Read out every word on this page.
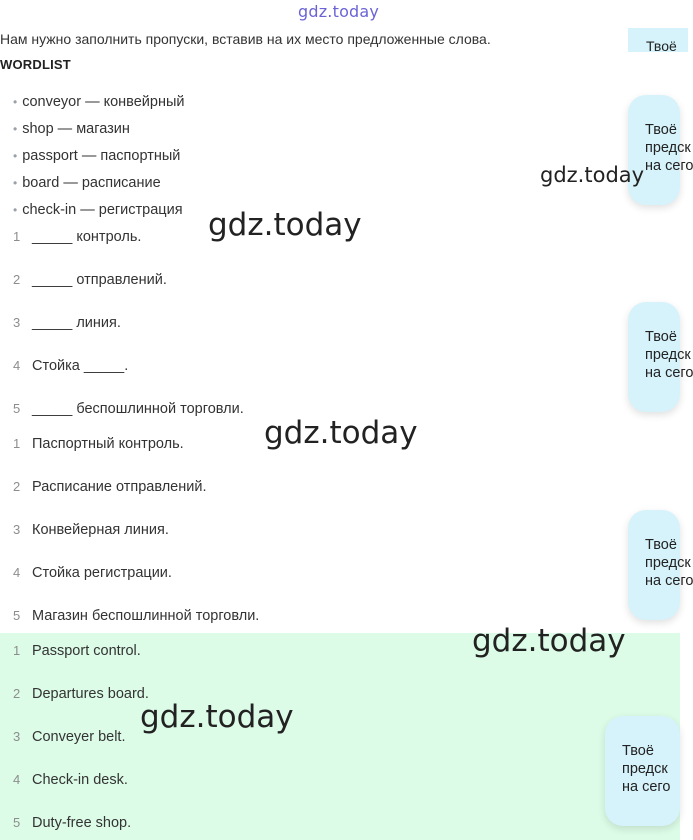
gdz.today
Нам нужно заполнить пропуски, вставив на их место предложенные слова.
WORDLIST
• conveyor — конвейрный
• shop — магазин
• passport — паспортный
• board — расписание
• check-in — регистрация
1 _____ контроль.
2 _____ отправлений.
3 _____ линия.
4 Стойка _____.
5 _____ беспошлинной торговли.
1 Паспортный контроль.
2 Расписание отправлений.
3 Конвейерная линия.
4 Стойка регистрации.
5 Магазин беспошлинной торговли.
1 Passport control.
2 Departures board.
3 Conveyer belt.
4 Check-in desk.
5 Duty-free shop.
Твоё
Твоё
предск
на сего
Твоё
предск
на сего
Твоё
предск
на сего
Твоё
предск
на сего
gdz.today
gdz.today
gdz.today
gdz.today
gdz.today
